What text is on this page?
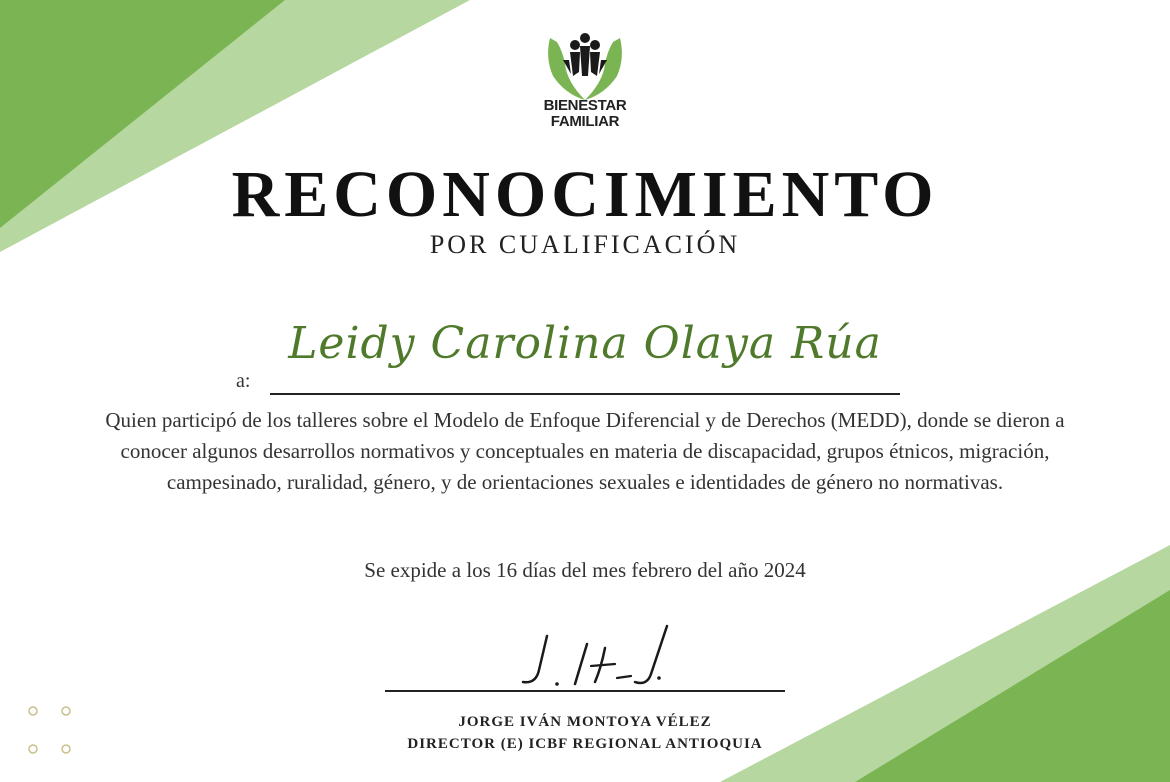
BIENESTAR
FAMILIAR
RECONOCIMIENTO
POR CUALIFICACIÓN
a:
Leidy Carolina Olaya Rúa
Quien participó de los talleres sobre el Modelo de Enfoque Diferencial y de Derechos (MEDD), donde se dieron a conocer algunos desarrollos normativos y conceptuales en materia de discapacidad, grupos étnicos, migración, campesinado, ruralidad, género, y de orientaciones sexuales e identidades de género no normativas.
Se expide a los 16 días del mes febrero del año 2024
JORGE IVÁN MONTOYA VÉLEZ
DIRECTOR (E) ICBF REGIONAL ANTIOQUIA
